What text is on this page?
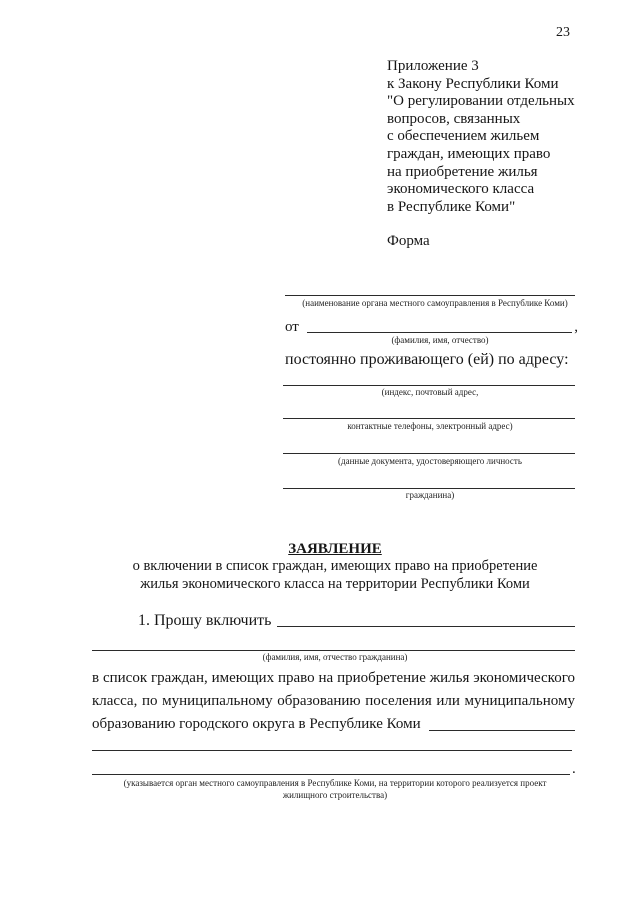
23
Приложение 3
к Закону Республики Коми
"О регулировании отдельных
вопросов, связанных
с обеспечением жильем
граждан, имеющих право
на приобретение жилья
экономического класса
в Республике Коми"
Форма
(наименование органа местного самоуправления в Республике Коми)
от	,
(фамилия, имя, отчество)
постоянно проживающего (ей) по адресу:
(индекс, почтовый адрес,
контактные телефоны, электронный адрес)
(данные документа, удостоверяющего личность
гражданина)
ЗАЯВЛЕНИЕ
о включении в список граждан, имеющих право на приобретение
жилья экономического класса на территории Республики Коми
1. Прошу включить
(фамилия, имя, отчество гражданина)
в список граждан, имеющих право на приобретение жилья экономического
класса, по муниципальному образованию поселения или муниципальному
образованию городского округа в Республике Коми
.
(указывается орган местного самоуправления в Республике Коми, на территории которого реализуется проект
жилищного строительства)
